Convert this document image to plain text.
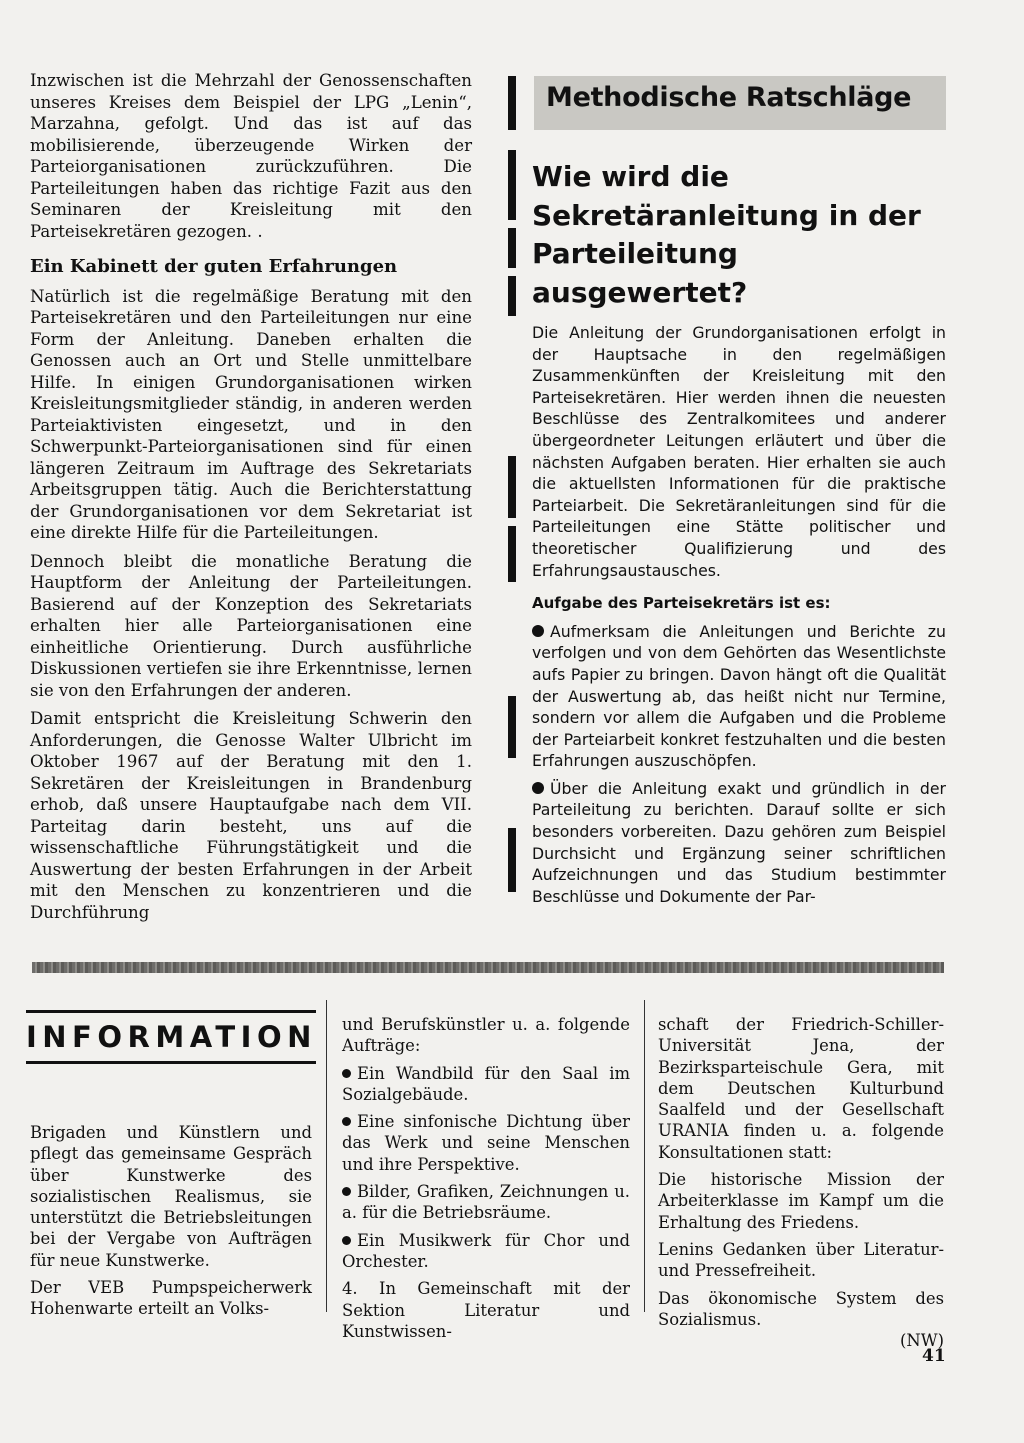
Inzwischen ist die Mehrzahl der Genossenschaften unseres Kreises dem Beispiel der LPG „Lenin“, Marzahna, gefolgt. Und das ist auf das mobilisierende, überzeugende Wirken der Parteiorganisationen zurückzuführen. Die Parteileitungen haben das richtige Fazit aus den Seminaren der Kreisleitung mit den Parteisekretären gezogen. .

Ein Kabinett der guten Erfahrungen

Natürlich ist die regelmäßige Beratung mit den Parteisekretären und den Parteileitungen nur eine Form der Anleitung. Daneben erhalten die Genossen auch an Ort und Stelle unmittelbare Hilfe. In einigen Grundorganisationen wirken Kreisleitungsmitglieder ständig, in anderen werden Parteiaktivisten eingesetzt, und in den Schwerpunkt-Parteiorganisationen sind für einen längeren Zeitraum im Auftrage des Sekretariats Arbeitsgruppen tätig. Auch die Berichterstattung der Grundorganisationen vor dem Sekretariat ist eine direkte Hilfe für die Parteileitungen.

Dennoch bleibt die monatliche Beratung die Hauptform der Anleitung der Parteileitungen. Basierend auf der Konzeption des Sekretariats erhalten hier alle Parteiorganisationen eine einheitliche Orientierung. Durch ausführliche Diskussionen vertiefen sie ihre Erkenntnisse, lernen sie von den Erfahrungen der anderen.

Damit entspricht die Kreisleitung Schwerin den Anforderungen, die Genosse Walter Ulbricht im Oktober 1967 auf der Beratung mit den 1. Sekretären der Kreisleitungen in Brandenburg erhob, daß unsere Hauptaufgabe nach dem VII. Parteitag darin besteht, uns auf die wissenschaftliche Führungstätigkeit und die Auswertung der besten Erfahrungen in der Arbeit mit den Menschen zu konzentrieren und die Durchführung

Methodische Ratschläge
Wie wird die Sekretäranleitung in der Parteileitung ausgewertet?

Die Anleitung der Grundorganisationen erfolgt in der Hauptsache in den regelmäßigen Zusammenkünften der Kreisleitung mit den Parteisekretären. Hier werden ihnen die neuesten Beschlüsse des Zentralkomitees und anderer übergeordneter Leitungen erläutert und über die nächsten Aufgaben beraten. Hier erhalten sie auch die aktuellsten Informationen für die praktische Parteiarbeit. Die Sekretäranleitungen sind für die Parteileitungen eine Stätte politischer und theoretischer Qualifizierung und des Erfahrungsaustausches.

Aufgabe des Parteisekretärs ist es:

Aufmerksam die Anleitungen und Berichte zu verfolgen und von dem Gehörten das Wesentlichste aufs Papier zu bringen. Davon hängt oft die Qualität der Auswertung ab, das heißt nicht nur Termine, sondern vor allem die Aufgaben und die Probleme der Parteiarbeit konkret festzuhalten und die besten Erfahrungen auszuschöpfen.

Über die Anleitung exakt und gründlich in der Parteileitung zu berichten. Darauf sollte er sich besonders vorbereiten. Dazu gehören zum Beispiel Durchsicht und Ergänzung seiner schriftlichen Aufzeichnungen und das Studium bestimmter Beschlüsse und Dokumente der Par-

INFORMATION

Brigaden und Künstlern und pflegt das gemeinsame Gespräch über Kunstwerke des sozialistischen Realismus, sie unterstützt die Betriebsleitungen bei der Vergabe von Aufträgen für neue Kunstwerke.

Der VEB Pumpspeicherwerk Hohenwarte erteilt an Volks-

und Berufskünstler u. a. folgende Aufträge:

Ein Wandbild für den Saal im Sozialgebäude.

Eine sinfonische Dichtung über das Werk und seine Menschen und ihre Perspektive.

Bilder, Grafiken, Zeichnungen u. a. für die Betriebsräume.

Ein Musikwerk für Chor und Orchester.

4. In Gemeinschaft mit der Sektion Literatur und Kunstwissen-

schaft der Friedrich-Schiller-Universität Jena, der Bezirksparteischule Gera, mit dem Deutschen Kulturbund Saalfeld und der Gesellschaft URANIA finden u. a. folgende Konsultationen statt:

Die historische Mission der Arbeiterklasse im Kampf um die Erhaltung des Friedens.

Lenins Gedanken über Literatur- und Pressefreiheit.

Das ökonomische System des Sozialismus.

(NW)

41
